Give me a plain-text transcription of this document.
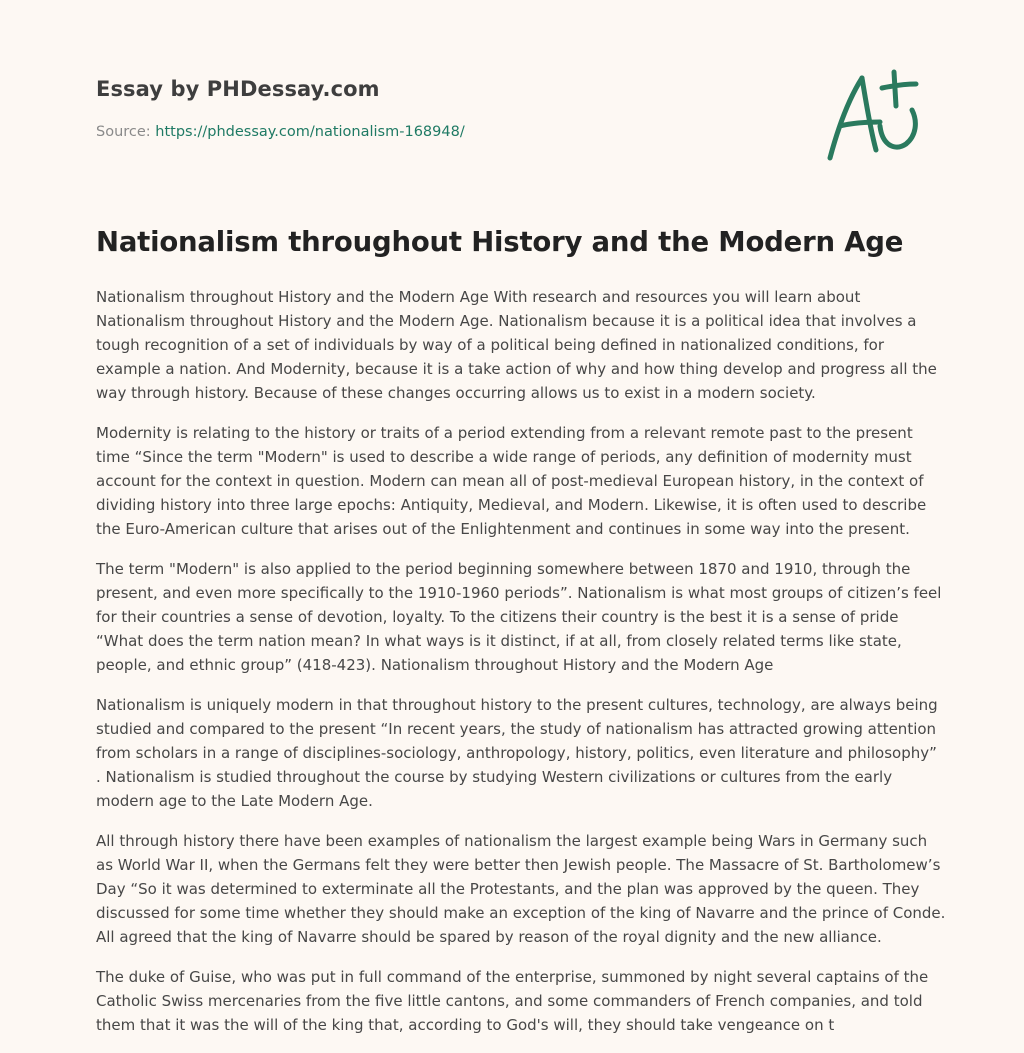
Essay by PHDessay.com
Source: https://phdessay.com/nationalism-168948/
Nationalism throughout History and the Modern Age

Nationalism throughout History and the Modern Age With research and resources you will learn about Nationalism throughout History and the Modern Age. Nationalism because it is a political idea that involves a tough recognition of a set of individuals by way of a political being defined in nationalized conditions, for example a nation. And Modernity, because it is a take action of why and how thing develop and progress all the way through history. Because of these changes occurring allows us to exist in a modern society.

Modernity is relating to the history or traits of a period extending from a relevant remote past to the present time “Since the term "Modern" is used to describe a wide range of periods, any definition of modernity must account for the context in question. Modern can mean all of post-medieval European history, in the context of dividing history into three large epochs: Antiquity, Medieval, and Modern. Likewise, it is often used to describe the Euro-American culture that arises out of the Enlightenment and continues in some way into the present.

The term "Modern" is also applied to the period beginning somewhere between 1870 and 1910, through the present, and even more specifically to the 1910-1960 periods”. Nationalism is what most groups of citizen’s feel for their countries a sense of devotion, loyalty. To the citizens their country is the best it is a sense of pride “What does the term nation mean? In what ways is it distinct, if at all, from closely related terms like state, people, and ethnic group” (418-423). Nationalism throughout History and the Modern Age

Nationalism is uniquely modern in that throughout history to the present cultures, technology, are always being studied and compared to the present “In recent years, the study of nationalism has attracted growing attention from scholars in a range of disciplines-sociology, anthropology, history, politics, even literature and philosophy” . Nationalism is studied throughout the course by studying Western civilizations or cultures from the early modern age to the Late Modern Age.

All through history there have been examples of nationalism the largest example being Wars in Germany such as World War II, when the Germans felt they were better then Jewish people. The Massacre of St. Bartholomew’s Day “So it was determined to exterminate all the Protestants, and the plan was approved by the queen. They discussed for some time whether they should make an exception of the king of Navarre and the prince of Conde. All agreed that the king of Navarre should be spared by reason of the royal dignity and the new alliance.

The duke of Guise, who was put in full command of the enterprise, summoned by night several captains of the Catholic Swiss mercenaries from the five little cantons, and some commanders of French companies, and told them that it was the will of the king that, according to God's will, they should take vengeance on t
